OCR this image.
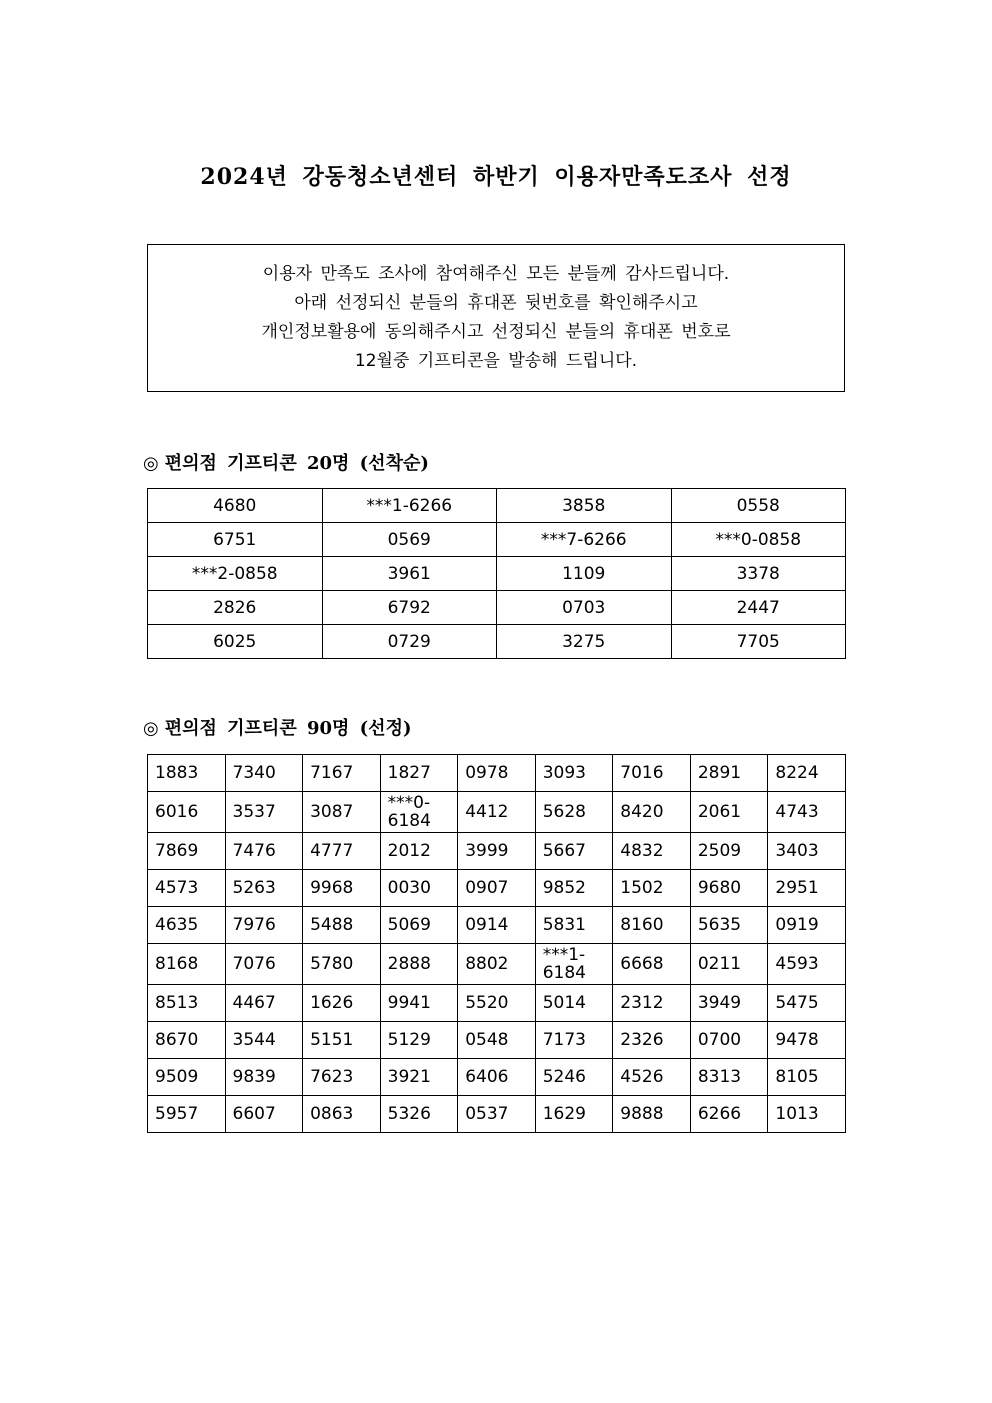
2024년 강동청소년센터 하반기 이용자만족도조사 선정
이용자 만족도 조사에 참여해주신 모든 분들께 감사드립니다.
아래 선정되신 분들의 휴대폰 뒷번호를 확인해주시고
개인정보활용에 동의해주시고 선정되신 분들의 휴대폰 번호로
12월중 기프티콘을 발송해 드립니다.
◎ 편의점 기프티콘 20명 (선착순)
4680	***1-6266	3858	0558
6751	0569	***7-6266	***0-0858
***2-0858	3961	1109	3378
2826	6792	0703	2447
6025	0729	3275	7705
◎ 편의점 기프티콘 90명 (선정)
1883	7340	7167	1827	0978	3093	7016	2891	8224
6016	3537	3087	***0-6184	4412	5628	8420	2061	4743
7869	7476	4777	2012	3999	5667	4832	2509	3403
4573	5263	9968	0030	0907	9852	1502	9680	2951
4635	7976	5488	5069	0914	5831	8160	5635	0919
8168	7076	5780	2888	8802	***1-6184	6668	0211	4593
8513	4467	1626	9941	5520	5014	2312	3949	5475
8670	3544	5151	5129	0548	7173	2326	0700	9478
9509	9839	7623	3921	6406	5246	4526	8313	8105
5957	6607	0863	5326	0537	1629	9888	6266	1013
